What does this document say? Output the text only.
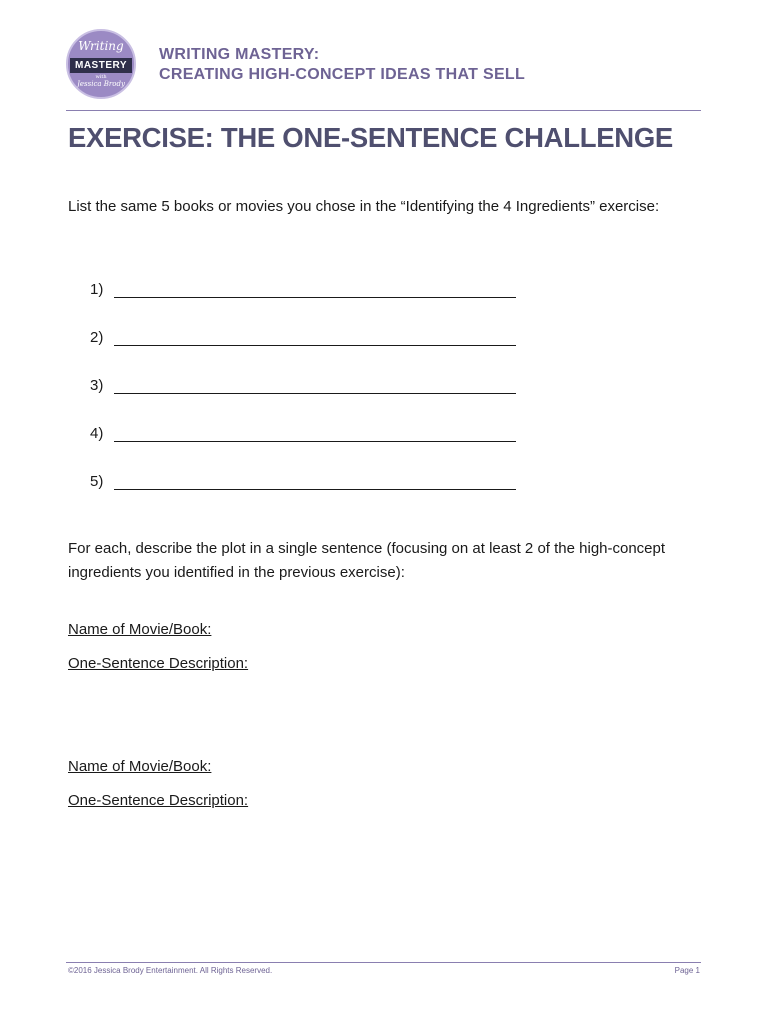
Writing
MASTERY
with
Jessica Brody
WRITING MASTERY:
CREATING HIGH-CONCEPT IDEAS THAT SELL
EXERCISE: THE ONE-SENTENCE CHALLENGE
List the same 5 books or movies you chose in the “Identifying the 4 Ingredients” exercise:
1)
2)
3)
4)
5)
For each, describe the plot in a single sentence (focusing on at least 2 of the high-concept ingredients you identified in the previous exercise):
Name of Movie/Book:
One-Sentence Description:
Name of Movie/Book:
One-Sentence Description:
©2016 Jessica Brody Entertainment. All Rights Reserved.	Page 1
